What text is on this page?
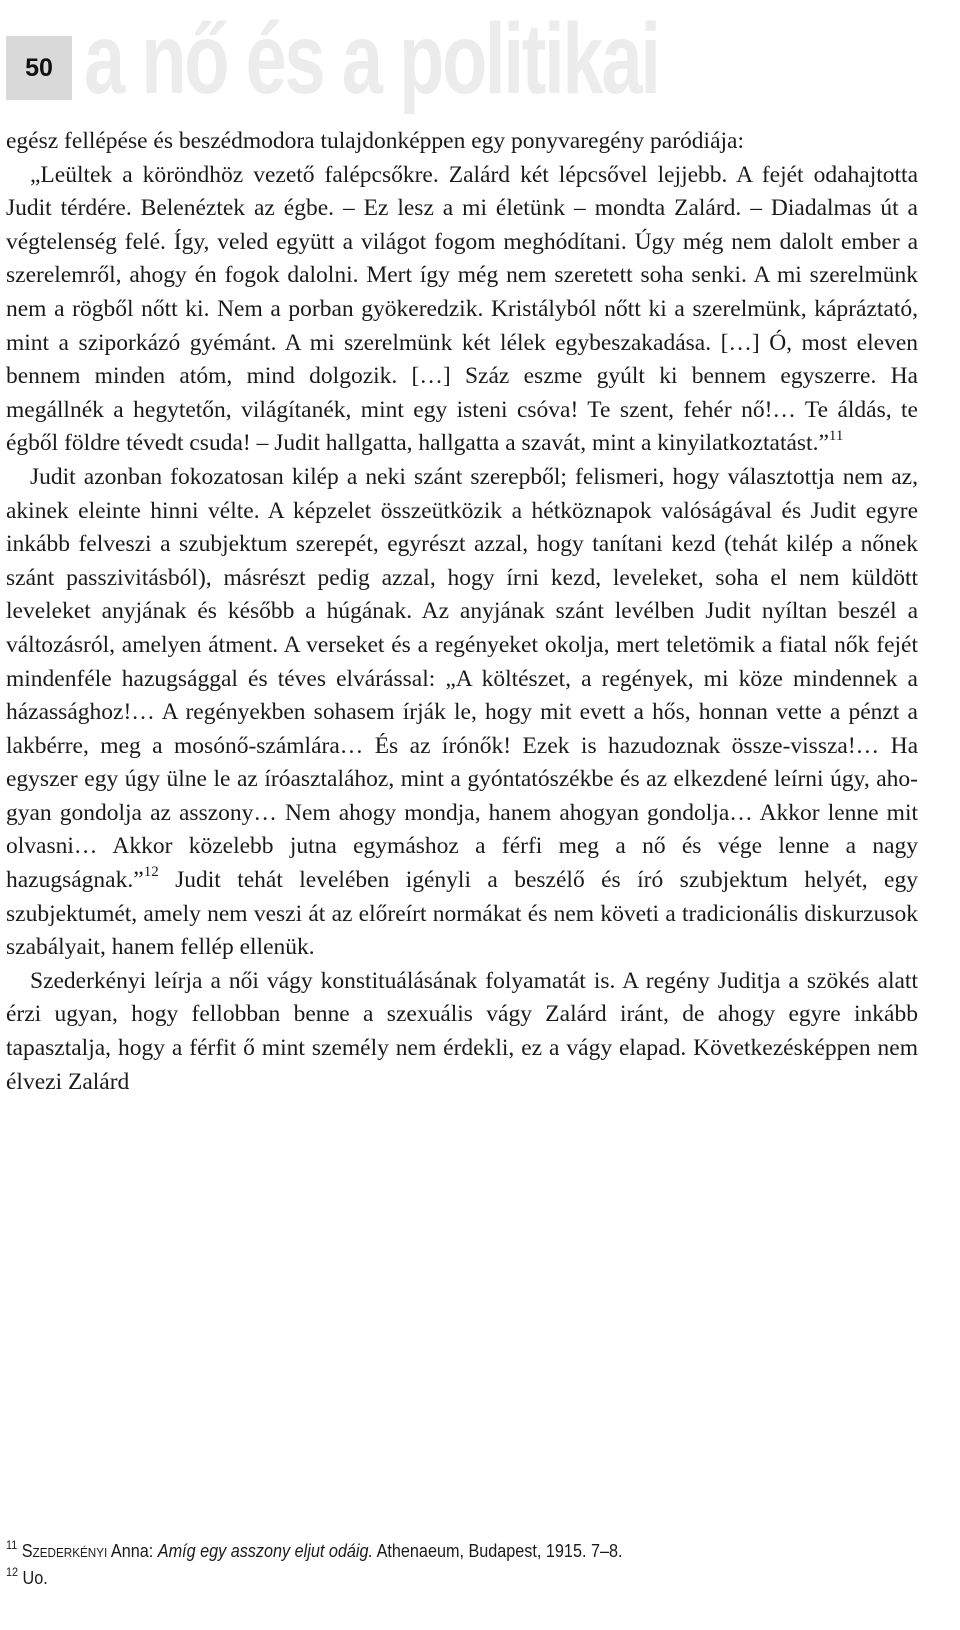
50 a nő és a politikai

egész fellépése és beszédmodora tulajdonképpen egy ponyvaregény paródiája:

„Leültek a köröndhöz vezető falépcsőkre. Zalárd két lépcsővel lejjebb. A fejét odahajtotta Judit térdére. Belenéztek az égbe. – Ez lesz a mi életünk – mondta Zalárd. – Diadalmas út a végtelenség felé. Így, veled együtt a világot fogom meghódítani. Úgy még nem dalolt ember a szerelemről, ahogy én fogok dalolni. Mert így még nem szeretett soha senki. A mi szerelmünk nem a rögből nőtt ki. Nem a porban gyökeredzik. Kristályból nőtt ki a szerelmünk, kápráztató, mint a sziporkázó gyémánt. A mi szerelmünk két lélek egybeszakadása. […] Ó, most eleven bennem minden atóm, mind dolgozik. […] Száz eszme gyúlt ki bennem egyszerre. Ha megállnék a hegytetőn, világítanék, mint egy isteni csóva! Te szent, fehér nő!… Te áldás, te égből földre tévedt csuda! – Judit hallgatta, hallgatta a szavát, mint a kinyilatkoztatást.”$^{11}$

Judit azonban fokozatosan kilép a neki szánt szerepből; felismeri, hogy választottja nem az, akinek eleinte hinni vélte. A képzelet összeütközik a hétköznapok valóságával és Judit egyre inkább felveszi a szubjektum szerepét, egyrészt azzal, hogy tanítani kezd (tehát kilép a nőnek szánt passzivitásból), másrészt pedig azzal, hogy írni kezd, leveleket, soha el nem küldött leveleket anyjának és később a húgának. Az anyjának szánt levélben Judit nyíltan beszél a változásról, amelyen átment. A verseket és a regényeket okolja, mert teletömik a fiatal nők fejét mindenféle hazugsággal és téves elvárással: „A költészet, a regények, mi köze mindennek a házassághoz!… A regényekben sohasem írják le, hogy mit evett a hős, honnan vette a pénzt a lakbérre, meg a mosónő-számlára… És az írónők! Ezek is hazudoznak össze-vissza!… Ha egyszer egy úgy ülne le az íróasztalához, mint a gyóntatószékbe és az elkezdené leírni úgy, ahogyan gondolja az asszony… Nem ahogy mondja, hanem ahogyan gondolja… Akkor lenne mit olvasni… Akkor közelebb jutna egymáshoz a férfi meg a nő és vége lenne a nagy hazugságnak.”$^{12}$ Judit tehát levelében igényli a beszélő és író szubjektum helyét, egy szubjektumét, amely nem veszi át az előreírt normákat és nem követi a tradicionális diskurzusok szabályait, hanem fellép ellenük.

Szederkényi leírja a női vágy konstituálásának folyamatát is. A regény Juditja a szökés alatt érzi ugyan, hogy fellobban benne a szexuális vágy Zalárd iránt, de ahogy egyre inkább tapasztalja, hogy a férfit ő mint személy nem érdekli, ez a vágy elapad. Következésképpen nem élvezi Zalárd

$^{11}$ Szederkényi Anna: Amíg egy asszony eljut odáig. Athenaeum, Budapest, 1915. 7–8.
$^{12}$ Uo.
